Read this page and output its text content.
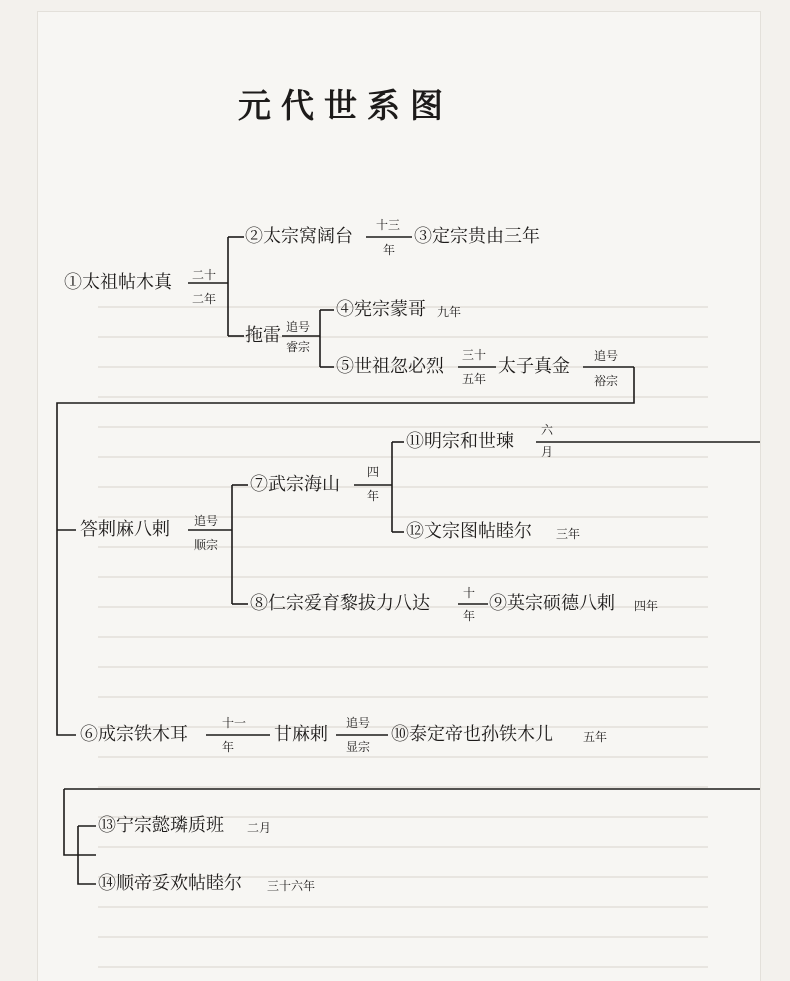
元代世系图
①太祖帖木真 二十
二年
②太宗窝阔台
十三
年
③定宗贵由三年
拖雷 追号
睿宗
④宪宗蒙哥 九年
⑤世祖忽必烈
三十
五年
太子真金 追号
裕宗
答剌麻八剌 追号
顺宗
⑦武宗海山
四
年
⑪明宗和世瑓
六
月
⑫文宗图帖睦尔 三年
⑧仁宗爱育黎拔力八达	十
年
⑨英宗硕德八剌 四年
⑥成宗铁木耳
十一
年
甘麻剌
追号
显宗
⑩泰定帝也孙铁木儿	五年
⑬宁宗懿璘质班 二月
⑭顺帝妥欢帖睦尔 三十六年
